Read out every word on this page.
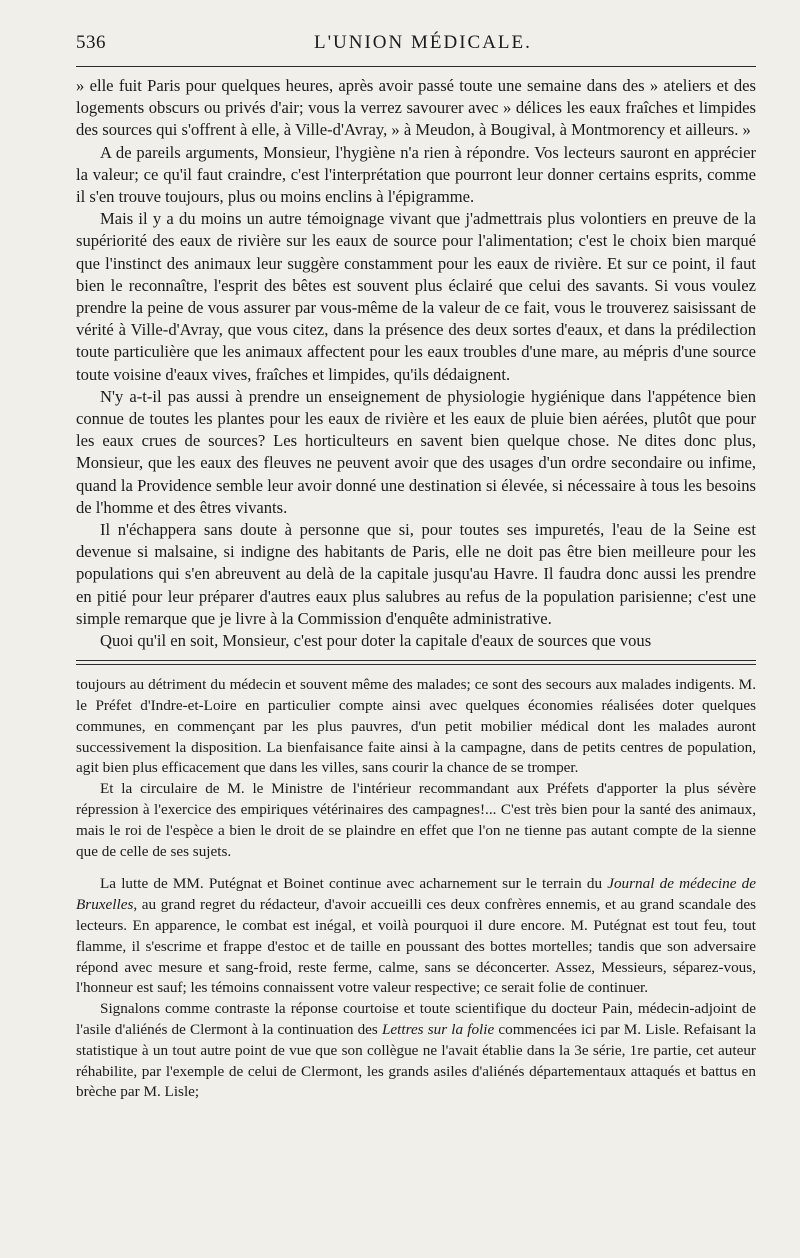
536	L'UNION MÉDICALE.

» elle fuit Paris pour quelques heures, après avoir passé toute une semaine dans des » ateliers et des logements obscurs ou privés d'air; vous la verrez savourer avec » délices les eaux fraîches et limpides des sources qui s'offrent à elle, à Ville-d'Avray, » à Meudon, à Bougival, à Montmorency et ailleurs. »

A de pareils arguments, Monsieur, l'hygiène n'a rien à répondre. Vos lecteurs sauront en apprécier la valeur; ce qu'il faut craindre, c'est l'interprétation que pourront leur donner certains esprits, comme il s'en trouve toujours, plus ou moins enclins à l'épigramme.

Mais il y a du moins un autre témoignage vivant que j'admettrais plus volontiers en preuve de la supériorité des eaux de rivière sur les eaux de source pour l'alimentation; c'est le choix bien marqué que l'instinct des animaux leur suggère constamment pour les eaux de rivière. Et sur ce point, il faut bien le reconnaître, l'esprit des bêtes est souvent plus éclairé que celui des savants. Si vous voulez prendre la peine de vous assurer par vous-même de la valeur de ce fait, vous le trouverez saisissant de vérité à Ville-d'Avray, que vous citez, dans la présence des deux sortes d'eaux, et dans la prédilection toute particulière que les animaux affectent pour les eaux troubles d'une mare, au mépris d'une source toute voisine d'eaux vives, fraîches et limpides, qu'ils dédaignent.

N'y a-t-il pas aussi à prendre un enseignement de physiologie hygiénique dans l'appétence bien connue de toutes les plantes pour les eaux de rivière et les eaux de pluie bien aérées, plutôt que pour les eaux crues de sources? Les horticulteurs en savent bien quelque chose. Ne dites donc plus, Monsieur, que les eaux des fleuves ne peuvent avoir que des usages d'un ordre secondaire ou infime, quand la Providence semble leur avoir donné une destination si élevée, si nécessaire à tous les besoins de l'homme et des êtres vivants.

Il n'échappera sans doute à personne que si, pour toutes ses impuretés, l'eau de la Seine est devenue si malsaine, si indigne des habitants de Paris, elle ne doit pas être bien meilleure pour les populations qui s'en abreuvent au delà de la capitale jusqu'au Havre. Il faudra donc aussi les prendre en pitié pour leur préparer d'autres eaux plus salubres au refus de la population parisienne; c'est une simple remarque que je livre à la Commission d'enquête administrative.

Quoi qu'il en soit, Monsieur, c'est pour doter la capitale d'eaux de sources que vous

toujours au détriment du médecin et souvent même des malades; ce sont des secours aux malades indigents. M. le Préfet d'Indre-et-Loire en particulier compte ainsi avec quelques économies réalisées doter quelques communes, en commençant par les plus pauvres, d'un petit mobilier médical dont les malades auront successivement la disposition. La bienfaisance faite ainsi à la campagne, dans de petits centres de population, agit bien plus efficacement que dans les villes, sans courir la chance de se tromper.

Et la circulaire de M. le Ministre de l'intérieur recommandant aux Préfets d'apporter la plus sévère répression à l'exercice des empiriques vétérinaires des campagnes!... C'est très bien pour la santé des animaux, mais le roi de l'espèce a bien le droit de se plaindre en effet que l'on ne tienne pas autant compte de la sienne que de celle de ses sujets.

La lutte de MM. Putégnat et Boinet continue avec acharnement sur le terrain du Journal de médecine de Bruxelles, au grand regret du rédacteur, d'avoir accueilli ces deux confrères ennemis, et au grand scandale des lecteurs. En apparence, le combat est inégal, et voilà pourquoi il dure encore. M. Putégnat est tout feu, tout flamme, il s'escrime et frappe d'estoc et de taille en poussant des bottes mortelles; tandis que son adversaire répond avec mesure et sang-froid, reste ferme, calme, sans se déconcerter. Assez, Messieurs, séparez-vous, l'honneur est sauf; les témoins connaissent votre valeur respective; ce serait folie de continuer.

Signalons comme contraste la réponse courtoise et toute scientifique du docteur Pain, médecin-adjoint de l'asile d'aliénés de Clermont à la continuation des Lettres sur la folie commencées ici par M. Lisle. Refaisant la statistique à un tout autre point de vue que son collègue ne l'avait établie dans la 3e série, 1re partie, cet auteur réhabilite, par l'exemple de celui de Clermont, les grands asiles d'aliénés départementaux attaqués et battus en brèche par M. Lisle;
